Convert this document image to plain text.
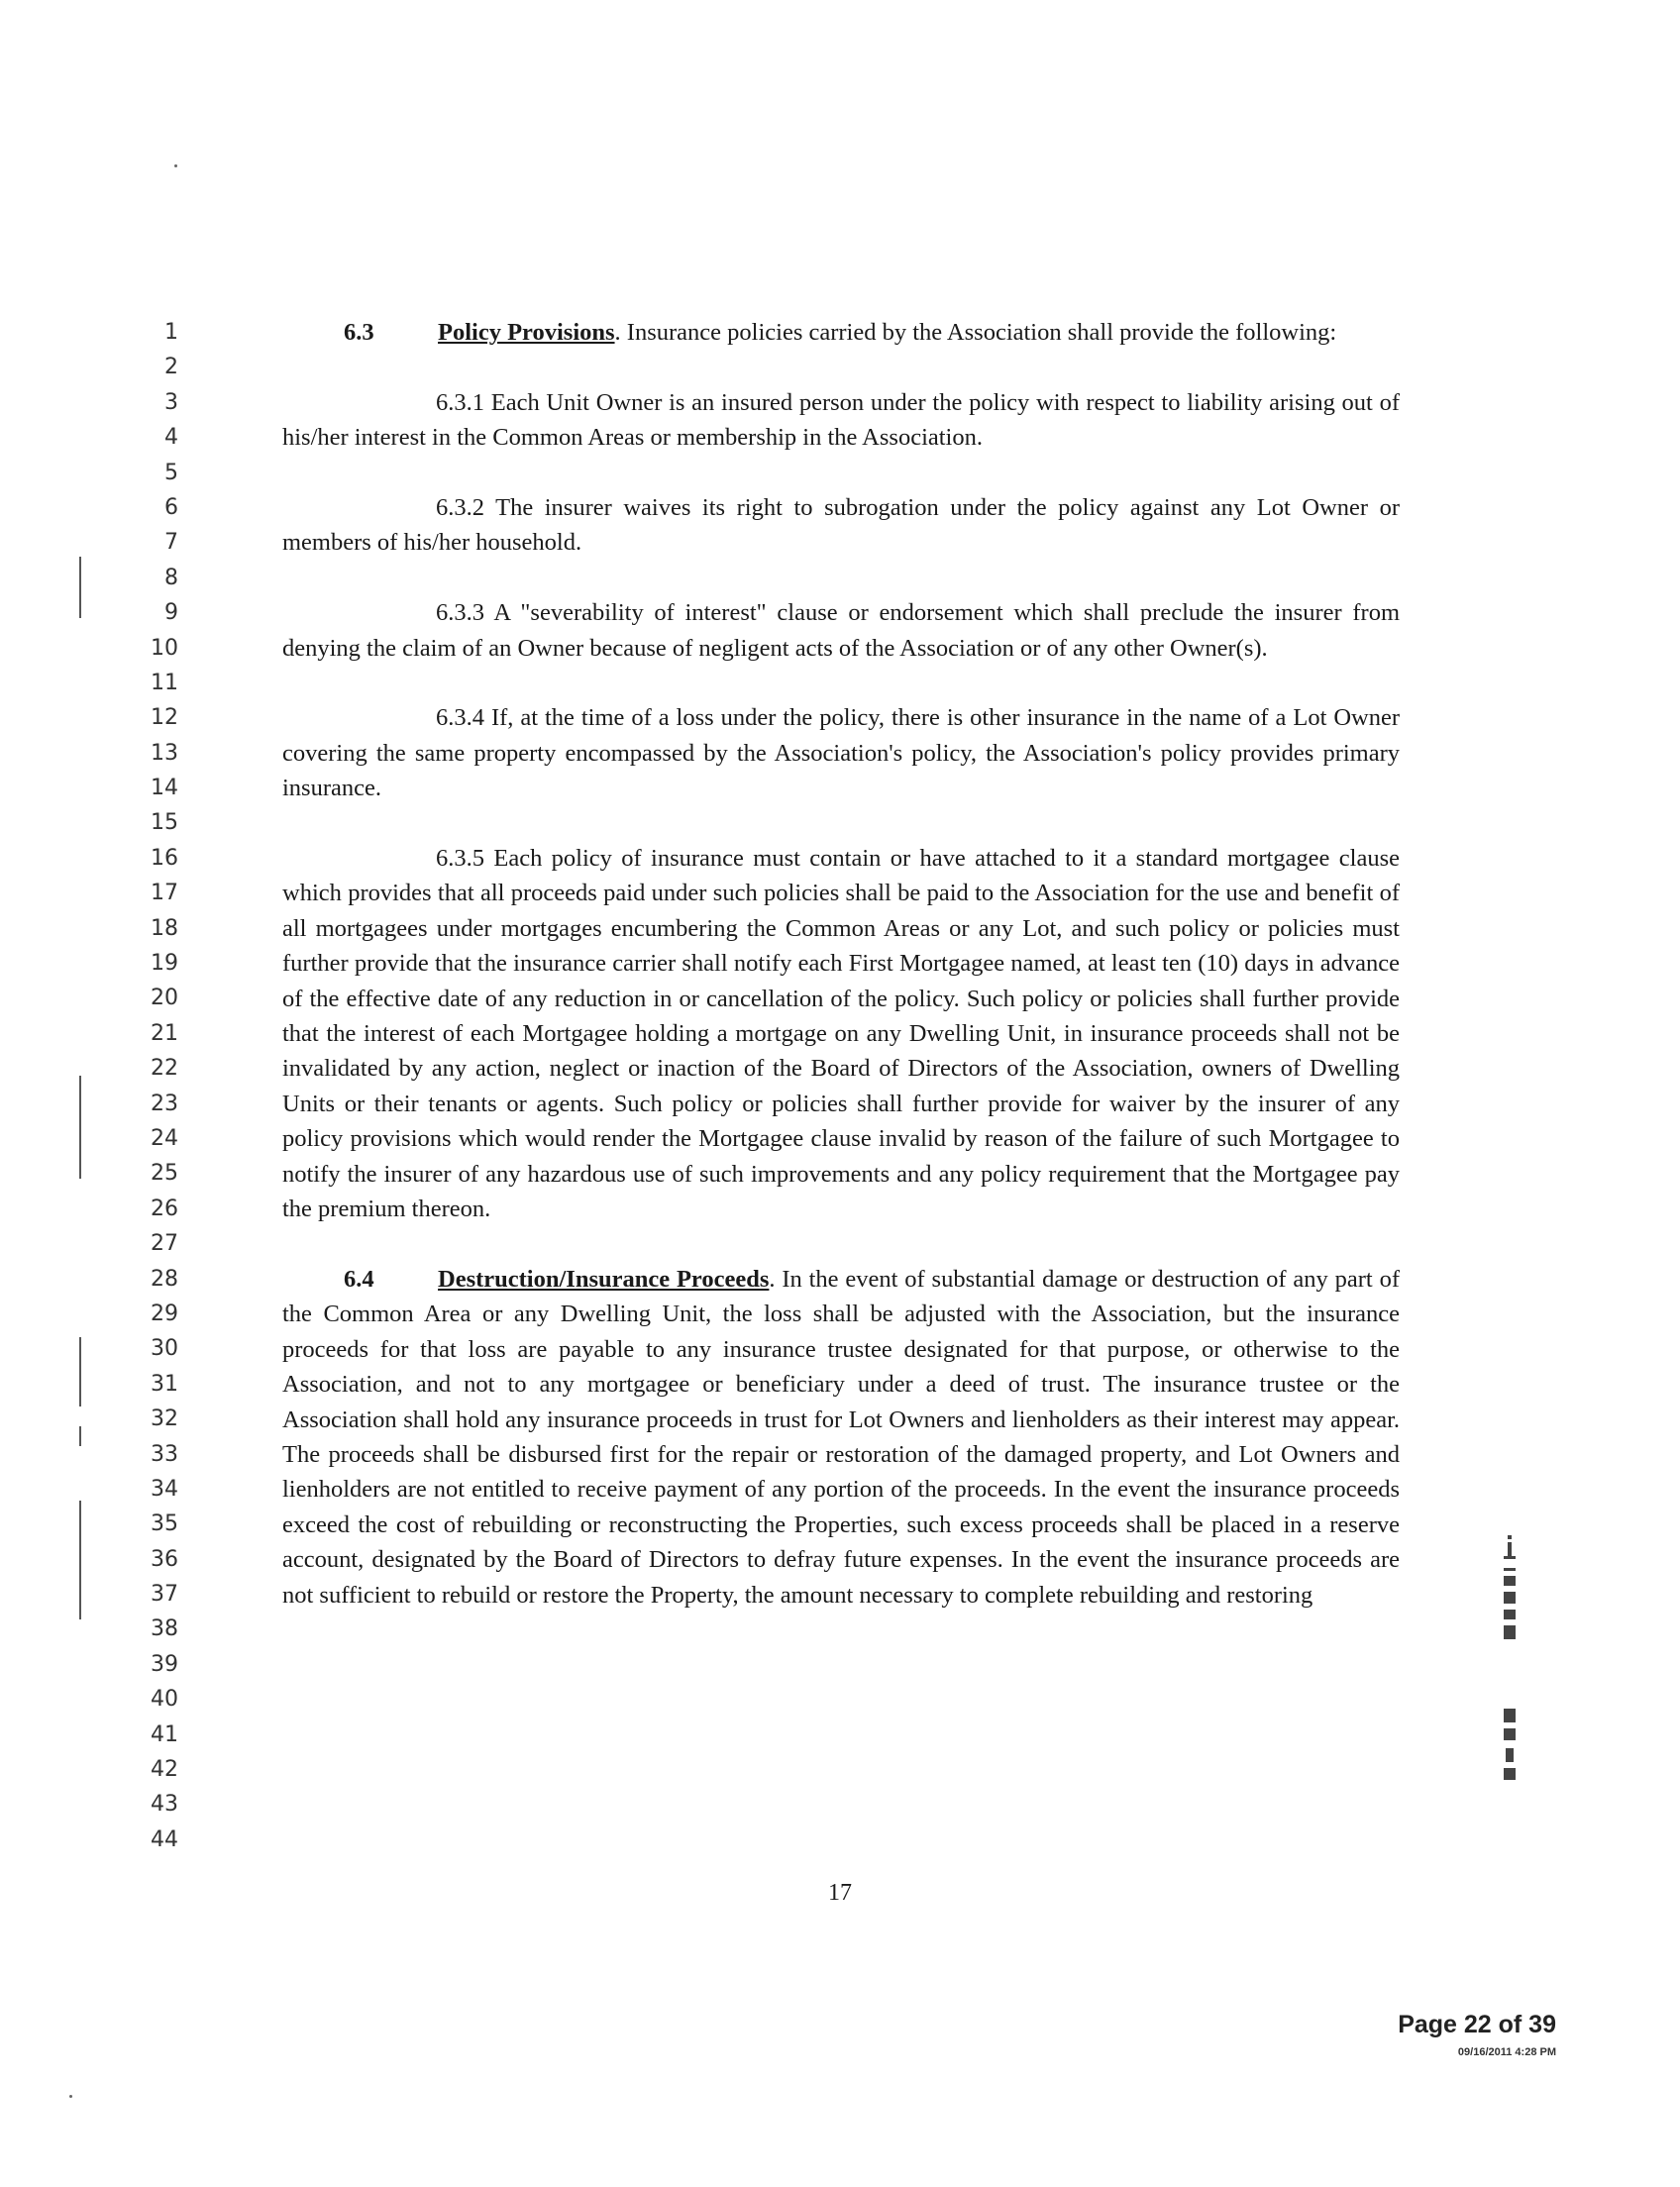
1
2
3
4
5
6
7
8
9
10
11
12
13
14
15
16
17
18
19
20
21
22
23
24
25
26
27
28
29
30
31
32
33
34
35
36
37
38
39
40
41
42
43
44

6.3	Policy Provisions. Insurance policies carried by the Association shall provide the following:

6.3.1 Each Unit Owner is an insured person under the policy with respect to liability arising out of his/her interest in the Common Areas or membership in the Association.

6.3.2 The insurer waives its right to subrogation under the policy against any Lot Owner or members of his/her household.

6.3.3 A "severability of interest" clause or endorsement which shall preclude the insurer from denying the claim of an Owner because of negligent acts of the Association or of any other Owner(s).

6.3.4 If, at the time of a loss under the policy, there is other insurance in the name of a Lot Owner covering the same property encompassed by the Association's policy, the Association's policy provides primary insurance.

6.3.5 Each policy of insurance must contain or have attached to it a standard mortgagee clause which provides that all proceeds paid under such policies shall be paid to the Association for the use and benefit of all mortgagees under mortgages encumbering the Common Areas or any Lot, and such policy or policies must further provide that the insurance carrier shall notify each First Mortgagee named, at least ten (10) days in advance of the effective date of any reduction in or cancellation of the policy. Such policy or policies shall further provide that the interest of each Mortgagee holding a mortgage on any Dwelling Unit, in insurance proceeds shall not be invalidated by any action, neglect or inaction of the Board of Directors of the Association, owners of Dwelling Units or their tenants or agents. Such policy or policies shall further provide for waiver by the insurer of any policy provisions which would render the Mortgagee clause invalid by reason of the failure of such Mortgagee to notify the insurer of any hazardous use of such improvements and any policy requirement that the Mortgagee pay the premium thereon.

6.4	Destruction/Insurance Proceeds. In the event of substantial damage or destruction of any part of the Common Area or any Dwelling Unit, the loss shall be adjusted with the Association, but the insurance proceeds for that loss are payable to any insurance trustee designated for that purpose, or otherwise to the Association, and not to any mortgagee or beneficiary under a deed of trust. The insurance trustee or the Association shall hold any insurance proceeds in trust for Lot Owners and lienholders as their interest may appear. The proceeds shall be disbursed first for the repair or restoration of the damaged property, and Lot Owners and lienholders are not entitled to receive payment of any portion of the proceeds. In the event the insurance proceeds exceed the cost of rebuilding or reconstructing the Properties, such excess proceeds shall be placed in a reserve account, designated by the Board of Directors to defray future expenses. In the event the insurance proceeds are not sufficient to rebuild or restore the Property, the amount necessary to complete rebuilding and restoring

17
Page 22 of 39
09/16/2011 4:28 PM
